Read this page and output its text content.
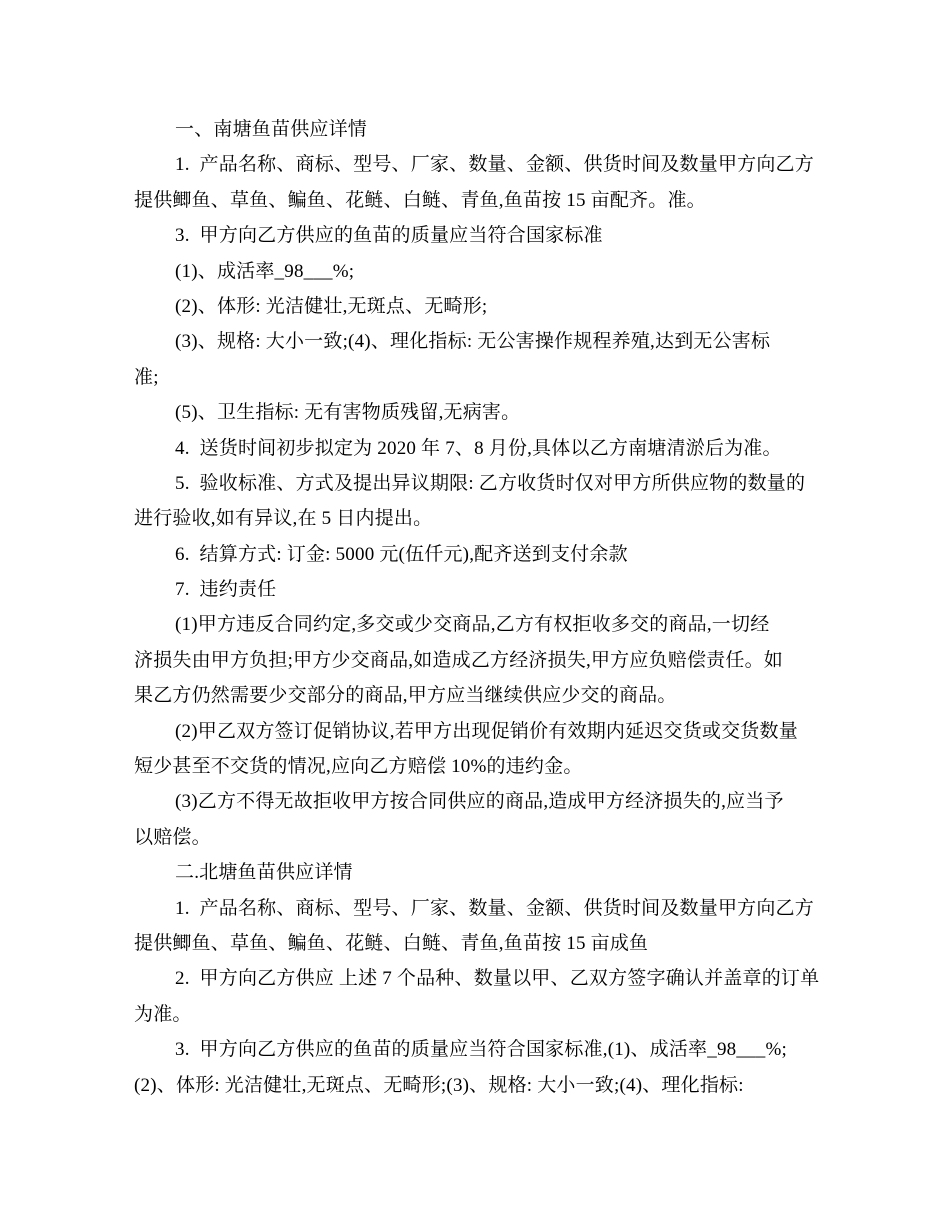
一、南塘鱼苗供应详情
1.  产品名称、商标、型号、厂家、数量、金额、供货时间及数量甲方向乙方
提供鲫鱼、草鱼、鳊鱼、花鲢、白鲢、青鱼,鱼苗按 15 亩配齐。准。
3.  甲方向乙方供应的鱼苗的质量应当符合国家标准
(1)、成活率_98___%;
(2)、体形: 光洁健壮,无斑点、无畸形;
(3)、规格: 大小一致;(4)、理化指标: 无公害操作规程养殖,达到无公害标
准;
(5)、卫生指标: 无有害物质残留,无病害。
4.  送货时间初步拟定为 2020 年 7、8 月份,具体以乙方南塘清淤后为准。
5.  验收标准、方式及提出异议期限: 乙方收货时仅对甲方所供应物的数量的
进行验收,如有异议,在 5 日内提出。
6.  结算方式: 订金: 5000 元(伍仟元),配齐送到支付余款
7.  违约责任
(1)甲方违反合同约定,多交或少交商品,乙方有权拒收多交的商品,一切经
济损失由甲方负担;甲方少交商品,如造成乙方经济损失,甲方应负赔偿责任。如
果乙方仍然需要少交部分的商品,甲方应当继续供应少交的商品。
(2)甲乙双方签订促销协议,若甲方出现促销价有效期内延迟交货或交货数量
短少甚至不交货的情况,应向乙方赔偿 10%的违约金。
(3)乙方不得无故拒收甲方按合同供应的商品,造成甲方经济损失的,应当予
以赔偿。
二.北塘鱼苗供应详情
1.  产品名称、商标、型号、厂家、数量、金额、供货时间及数量甲方向乙方
提供鲫鱼、草鱼、鳊鱼、花鲢、白鲢、青鱼,鱼苗按 15 亩成鱼
2.  甲方向乙方供应 上述 7 个品种、数量以甲、乙双方签字确认并盖章的订单
为准。
3.  甲方向乙方供应的鱼苗的质量应当符合国家标准,(1)、成活率_98___%;
(2)、体形: 光洁健壮,无斑点、无畸形;(3)、规格: 大小一致;(4)、理化指标:
